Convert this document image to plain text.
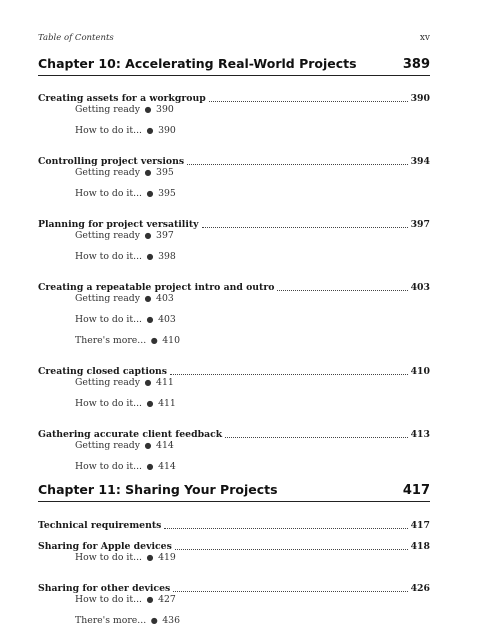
Table of Contents	xv
Chapter 10: Accelerating Real-World Projects	389
Creating assets for a workgroup	390
Getting ready ● 390
How to do it... ● 390
Controlling project versions	394
Getting ready ● 395
How to do it... ● 395
Planning for project versatility	397
Getting ready ● 397
How to do it... ● 398
Creating a repeatable project intro and outro	403
Getting ready ● 403
How to do it... ● 403
There's more... ● 410
Creating closed captions	410
Getting ready ● 411
How to do it... ● 411
Gathering accurate client feedback	413
Getting ready ● 414
How to do it... ● 414
Chapter 11: Sharing Your Projects	417
Technical requirements	417
Sharing for Apple devices	418
How to do it... ● 419
Sharing for other devices	426
How to do it... ● 427
There's more... ● 436
